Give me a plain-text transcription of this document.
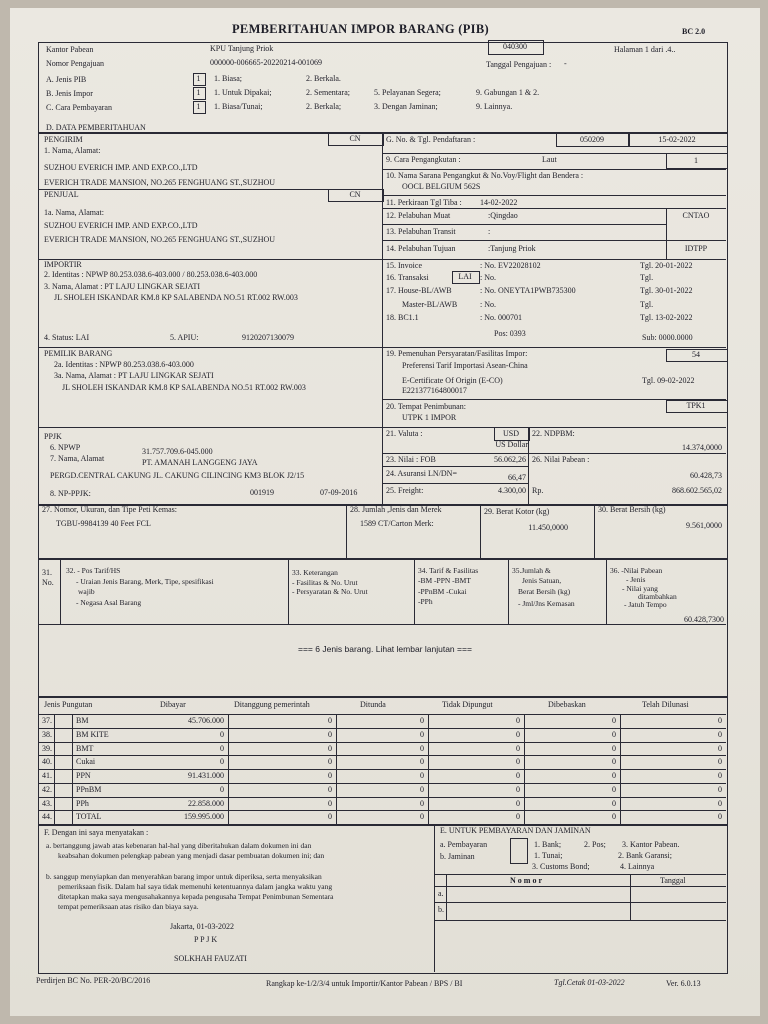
PEMBERITAHUAN IMPOR BARANG (PIB)	BC 2.0
Kantor Pabean	KPU Tanjung Priok	040300	Halaman 1 dari .4..
Nomor Pengajuan	000000-006665-20220214-001069	Tanggal Pengajuan : -
A. Jenis PIB	1	1. Biasa;	2. Berkala.
B. Jenis Impor	1	1. Untuk Dipakai;	2. Sementara;	5. Pelayanan Segera;	9. Gabungan 1 & 2.
C. Cara Pembayaran	1	1. Biasa/Tunai;	2. Berkala;	3. Dengan Jaminan;	9. Lainnya.
D. DATA PEMBERITAHUAN
PENGIRIM	CN
1. Nama, Alamat:
SUZHOU EVERICH IMP. AND EXP.CO.,LTD
EVERICH TRADE MANSION, NO.265 FENGHUANG ST.,SUZHOU
PENJUAL	CN
1a. Nama, Alamat:
SUZHOU EVERICH IMP. AND EXP.CO.,LTD
EVERICH TRADE MANSION, NO.265 FENGHUANG ST.,SUZHOU
IMPORTIR
2. Identitas : NPWP 80.253.038.6-403.000 / 80.253.038.6-403.000
3. Nama, Alamat : PT LAJU LINGKAR SEJATI
JL SHOLEH ISKANDAR KM.8 KP SALABENDA NO.51 RT.002 RW.003
4. Status: LAI	5. APIU:	9120207130079
PEMILIK BARANG
2a. Identitas : NPWP 80.253.038.6-403.000
3a. Nama, Alamat : PT LAJU LINGKAR SEJATI
JL SHOLEH ISKANDAR KM.8 KP SALABENDA NO.51 RT.002 RW.003
PPJK
6. NPWP	31.757.709.6-045.000
7. Nama, Alamat	PT. AMANAH LANGGENG JAYA
PERGD.CENTRAL CAKUNG JL. CAKUNG CILINCING KM3 BLOK J2/15
8. NP-PPJK:	001919	07-09-2016
G. No. & Tgl. Pendaftaran :	050209	15-02-2022
9. Cara Pengangkutan :	Laut	1
10. Nama Sarana Pengangkut & No.Voy/Flight dan Bendera :
OOCL BELGIUM 562S
11. Perkiraan Tgl Tiba : 14-02-2022
12. Pelabuhan Muat	:Qingdao	CNTAO
13. Pelabuhan Transit	:
14. Pelabuhan Tujuan	:Tanjung Priok	IDTPP
15. Invoice	: No. EV22028102	Tgl. 20-01-2022
16. Transaksi	LAI	: No.	Tgl.
17. House-BL/AWB	: No. ONEYTA1PWB735300	Tgl. 30-01-2022
Master-BL/AWB	: No.	Tgl.
18. BC1.1	: No. 000701	Tgl. 13-02-2022
Pos: 0393	Sub: 0000.0000
19. Pemenuhan Persyaratan/Fasilitas Impor:	54
Preferensi Tarif Importasi Asean-China
E-Certificate Of Origin (E-CO)
E221377164800017
Tgl. 09-02-2022
20. Tempat Penimbunan:
UTPK 1 IMPOR
TPK1
21. Valuta :	USD
US Dollar
22. NDPBM:
14.374,0000
23. Nilai : FOB	56.062,26 26. Nilai Pabean :
60.428,73
24. Asuransi LN/DN=	66,47
25. Freight:	4.300,00 Rp.	868.602.565,02
27. Nomor, Ukuran, dan Tipe Peti Kemas:
TGBU-9984139 40 Feet FCL
28. Jumlah ,Jenis dan Merek
1589 CT/Carton Merk:
29. Berat Kotor (kg)
11.450,0000
30. Berat Bersih (kg)
9.561,0000
31.
No.
32. - Pos Tarif/HS
- Uraian Jenis Barang, Merk, Tipe, spesifikasi
wajib
- Negasa Asal Barang
33. Keterangan
- Fasilitas & No. Urut
- Persyaratan & No. Urut
34. Tarif & Fasilitas
-BM -PPN -BMT
-PPnBM -Cukai
-PPh
35.Jumlah &
Jenis Satuan,
Berat Bersih (kg)
- Jml/Jns Kemasan
36. -Nilai Pabean
- Jenis
- Nilai yang
ditambahkan
- Jatuh Tempo
60.428,7300
=== 6 Jenis barang. Lihat lembar lanjutan ===
F. Dengan ini saya menyatakan :
a. bertanggung jawab atas kebenaran hal-hal yang diberitahukan dalam dokumen ini dan
keabsahan dokumen pelengkap pabean yang menjadi dasar pembuatan dokumen ini; dan
b. sanggup menyiapkan dan menyerahkan barang impor untuk diperiksa, serta menyaksikan
pemeriksaan fisik. Dalam hal saya tidak memenuhi ketentuannya dalam jangka waktu yang
ditetapkan maka saya mengusahakannya kepada pengusaha Tempat Penimbunan Sementara
tempat pemeriksaan atas risiko dan biaya saya.
Jakarta, 01-03-2022
P P J K
SOLKHAH FAUZATI
E. UNTUK PEMBAYARAN DAN JAMINAN
a. Pembayaran
b. Jaminan
1. Bank;	2. Pos; 3. Kantor Pabean.
1. Tunai;	2. Bank Garansi;
3. Customs Bond;	4. Lainnya
N o m o r	Tanggal
a.
b.
Perdirjen BC No. PER-20/BC/2016	Rangkap ke-1/2/3/4 untuk Importir/Kantor Pabean / BPS / BI	Tgl.Cetak 01-03-2022	Ver. 6.0.13
Jenis Pungutan	Dibayar	Ditanggung pemerintah	Ditunda	Tidak Dipungut	Dibebaskan	Telah Dilunasi
37.	BM	45.706.000	0	0	0	0	0
38.	BM KITE	0	0	0	0	0	0
39.	BMT	0	0	0	0	0	0
40.	Cukai	0	0	0	0	0	0
41.	PPN	91.431.000	0	0	0	0	0
42.	PPnBM	0	0	0	0	0	0
43.	PPh	22.858.000	0	0	0	0	0
44.	TOTAL	159.995.000	0	0	0	0	0
